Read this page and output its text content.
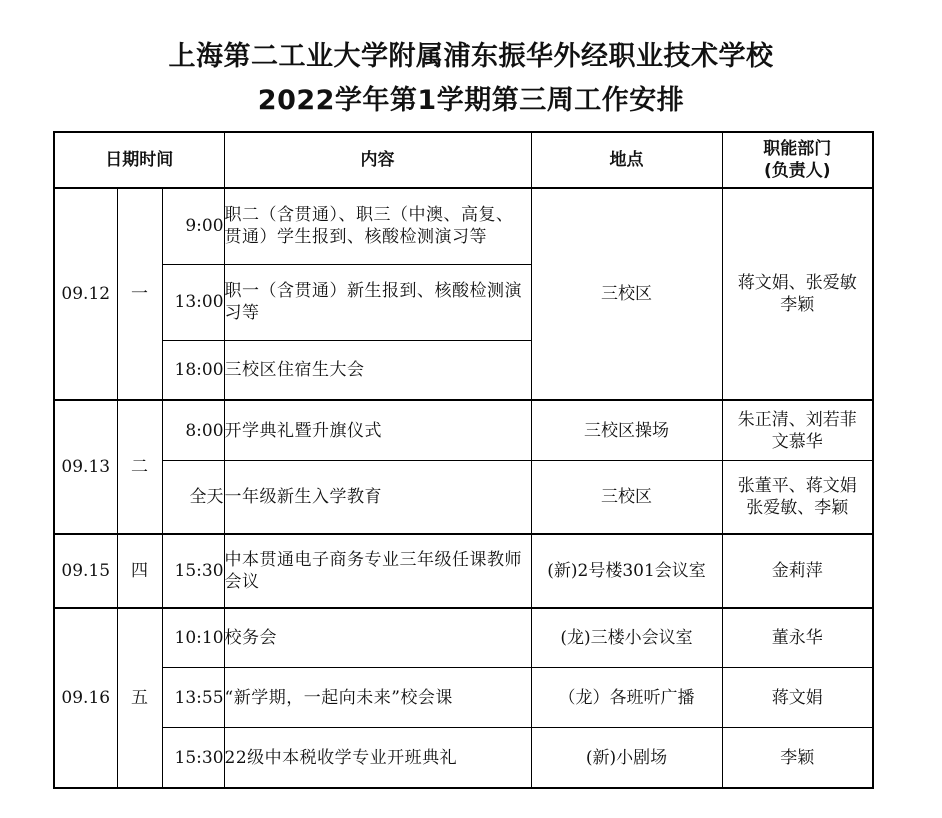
上海第二工业大学附属浦东振华外经职业技术学校
2022学年第1学期第三周工作安排
日期时间			内容	地点	职能部门
(负责人)

09.12	一	9:00	职二（含贯通）、职三（中澳、高复、贯通）学生报到、核酸检测演习等	三校区	蒋文娟、张爱敏李颖
		13:00	职一（含贯通）新生报到、核酸检测演习等		
		18:00	三校区住宿生大会		
09.13	二	8:00	开学典礼暨升旗仪式	三校区操场	朱正清、刘若菲文慕华
		全天	一年级新生入学教育	三校区	张董平、蒋文娟张爱敏、李颖
09.15	四	15:30	中本贯通电子商务专业三年级任课教师会议	(新)2号楼301会议室	金莉萍
09.16	五	10:10	校务会	(龙)三楼小会议室	董永华
		13:55	“新学期，一起向未来”校会课	（龙）各班听广播	蒋文娟
		15:30	22级中本税收学专业开班典礼	(新)小剧场	李颖
